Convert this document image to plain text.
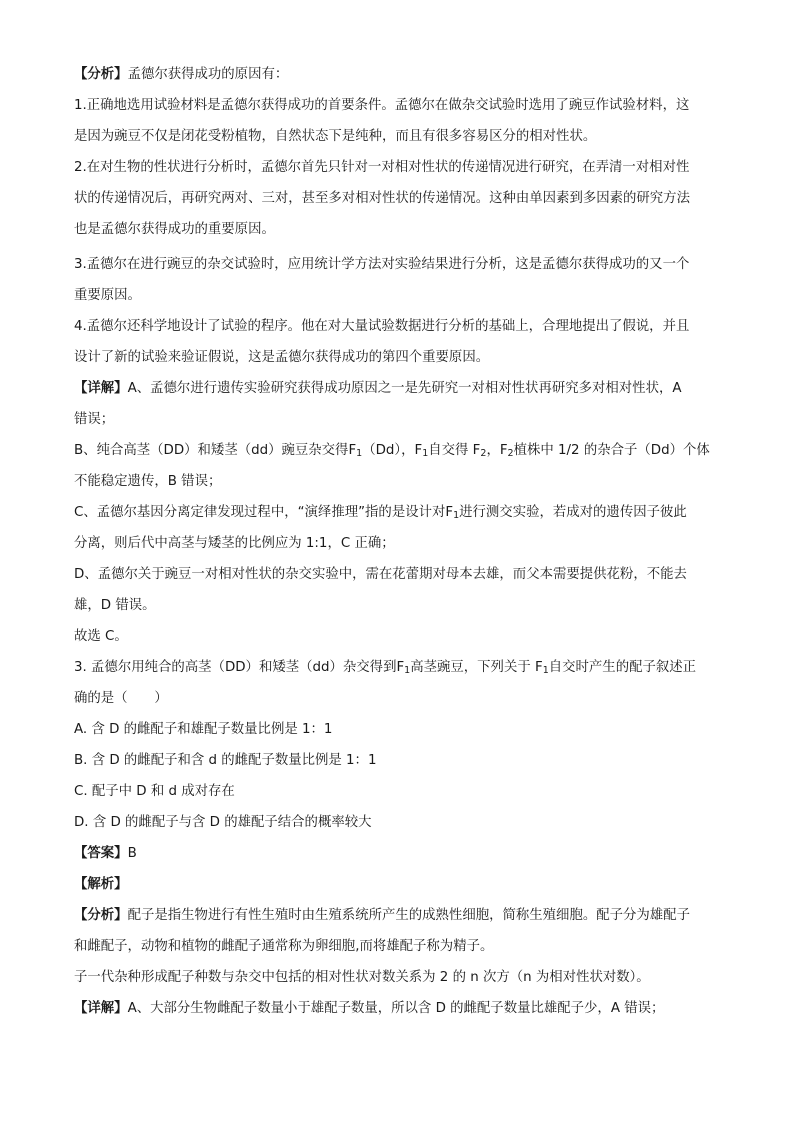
【分析】孟德尔获得成功的原因有：
1.正确地选用试验材料是孟德尔获得成功的首要条件。孟德尔在做杂交试验时选用了豌豆作试验材料，这
是因为豌豆不仅是闭花受粉植物，自然状态下是纯种，而且有很多容易区分的相对性状。
2.在对生物的性状进行分析时，孟德尔首先只针对一对相对性状的传递情况进行研究，在弄清一对相对性
状的传递情况后，再研究两对、三对，甚至多对相对性状的传递情况。这种由单因素到多因素的研究方法
也是孟德尔获得成功的重要原因。
3.孟德尔在进行豌豆的杂交试验时，应用统计学方法对实验结果进行分析，这是孟德尔获得成功的又一个
重要原因。
4.孟德尔还科学地设计了试验的程序。他在对大量试验数据进行分析的基础上，合理地提出了假说，并且
设计了新的试验来验证假说，这是孟德尔获得成功的第四个重要原因。
【详解】A、孟德尔进行遗传实验研究获得成功原因之一是先研究一对相对性状再研究多对相对性状，A
错误；
B、纯合高茎（DD）和矮茎（dd）豌豆杂交得$F_1(Dd)$，$F_1$自交得 $F_2$，$F_2$植株中 1/2 的杂合子（Dd）个体
不能稳定遗传，B 错误；
C、孟德尔基因分离定律发现过程中，“演绎推理”指的是设计对$F_1$进行测交实验，若成对的遗传因子彼此
分离，则后代中高茎与矮茎的比例应为 1:1，C 正确；
D、孟德尔关于豌豆一对相对性状的杂交实验中，需在花蕾期对母本去雄，而父本需要提供花粉，不能去
雄，D 错误。
故选 C。
3. 孟德尔用纯合的高茎（DD）和矮茎（dd）杂交得到$F_1$高茎豌豆，下列关于 $F_1$自交时产生的配子叙述正
确的是（　　）
A. 含 D 的雌配子和雄配子数量比例是 1：1
B. 含 D 的雌配子和含 d 的雌配子数量比例是 1：1
C. 配子中 D 和 d 成对存在
D. 含 D 的雌配子与含 D 的雄配子结合的概率较大
【答案】B
【解析】
【分析】配子是指生物进行有性生殖时由生殖系统所产生的成熟性细胞，简称生殖细胞。配子分为雄配子
和雌配子，动物和植物的雌配子通常称为卵细胞,而将雄配子称为精子。
子一代杂种形成配子种数与杂交中包括的相对性状对数关系为 2 的 n 次方（n 为相对性状对数）。
【详解】A、大部分生物雌配子数量小于雄配子数量，所以含 D 的雌配子数量比雄配子少，A 错误；
